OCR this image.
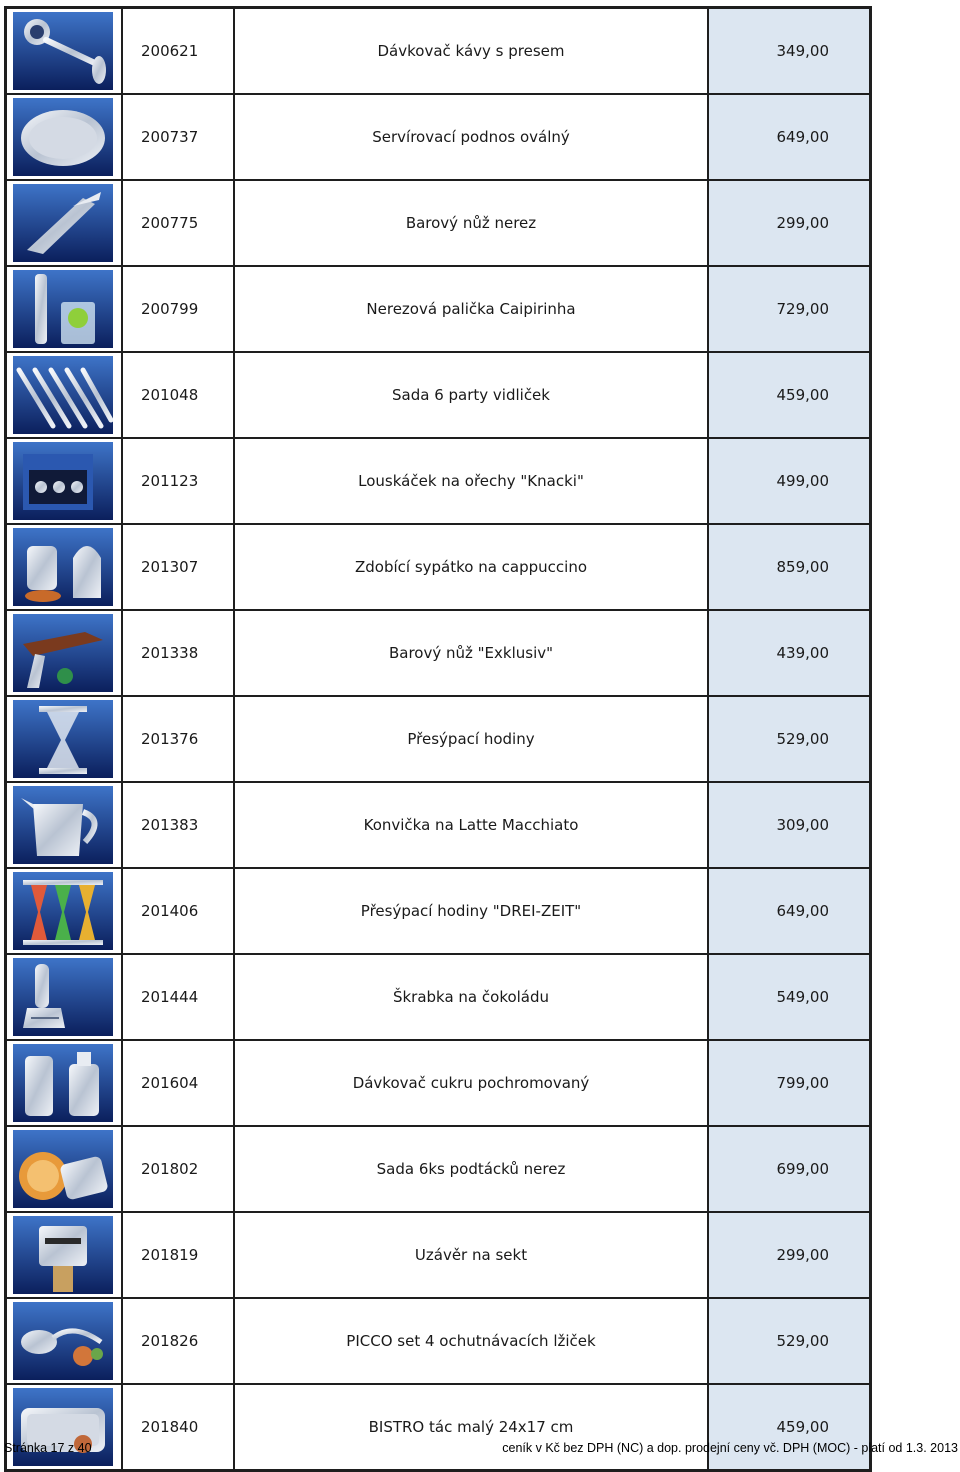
	200621	Dávkovač kávy s presem	349,00

	200737	Servírovací podnos oválný	649,00

	200775	Barový nůž nerez	299,00

	200799	Nerezová palička Caipirinha	729,00

	201048	Sada 6 party vidliček	459,00

	201123	Louskáček na ořechy "Knacki"	499,00

	201307	Zdobící sypátko na cappuccino	859,00

	201338	Barový nůž "Exklusiv"	439,00

	201376	Přesýpací hodiny	529,00

	201383	Konvička na Latte Macchiato	309,00

	201406	Přesýpací hodiny "DREI-ZEIT"	649,00

	201444	Škrabka na čokoládu	549,00

	201604	Dávkovač cukru pochromovaný	799,00

	201802	Sada 6ks podtácků nerez	699,00

	201819	Uzávěr na sekt	299,00

	201826	PICCO set 4 ochutnávacích lžiček	529,00

	201840	BISTRO tác malý 24x17 cm	459,00
Stránka 17 z 40	ceník v Kč bez DPH (NC) a dop. prodejní ceny vč. DPH (MOC) - platí od 1.3. 2013
